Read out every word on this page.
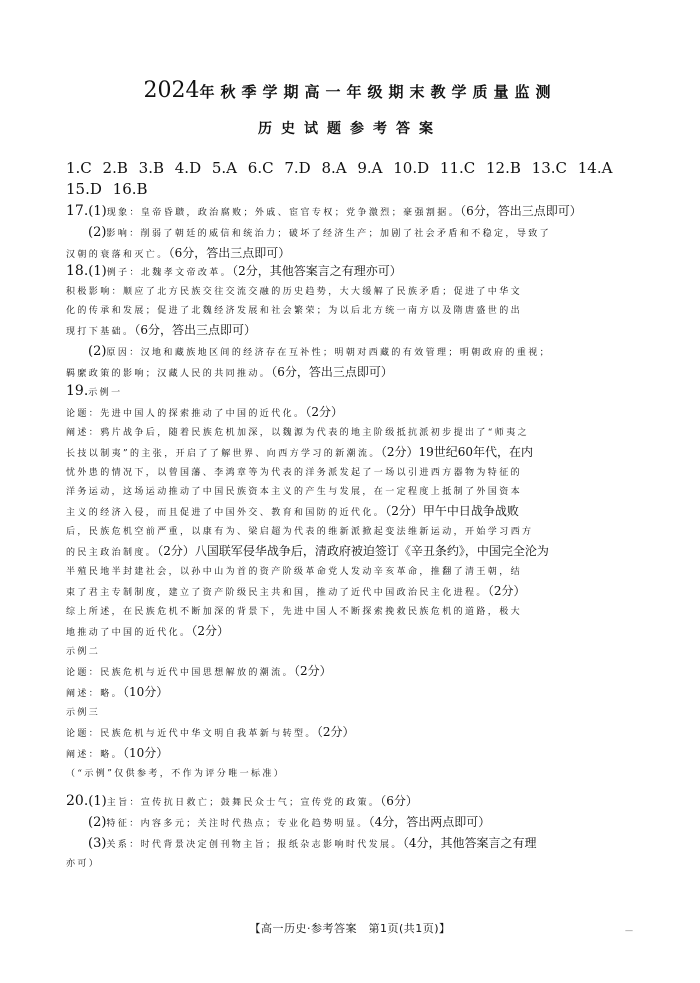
2024年秋季学期高一年级期末教学质量监测
历史试题参考答案
1.C 2.B 3.B 4.D 5.A 6.C 7.D 8.A 9.A 10.D 11.C 12.B 13.C 14.A
15.D 16.B
17.(1)现象：皇帝昏聩，政治腐败；外戚、宦官专权；党争激烈；豪强割据。（6分，答出三点即可）
(2)影响：削弱了朝廷的威信和统治力；破坏了经济生产；加剧了社会矛盾和不稳定，导致了
汉朝的衰落和灭亡。（6分，答出三点即可）
18.(1)例子：北魏孝文帝改革。（2分，其他答案言之有理亦可）
积极影响：顺应了北方民族交往交流交融的历史趋势，大大缓解了民族矛盾；促进了中华文
化的传承和发展；促进了北魏经济发展和社会繁荣；为以后北方统一南方以及隋唐盛世的出
现打下基础。（6分，答出三点即可）
(2)原因：汉地和藏族地区间的经济存在互补性；明朝对西藏的有效管理；明朝政府的重视；
羁縻政策的影响；汉藏人民的共同推动。（6分，答出三点即可）
19.示例一
论题：先进中国人的探索推动了中国的近代化。（2分）
阐述：鸦片战争后，随着民族危机加深，以魏源为代表的地主阶级抵抗派初步提出了“师夷之
长技以制夷”的主张，开启了了解世界、向西方学习的新潮流。（2分）19世纪60年代，在内
忧外患的情况下，以曾国藩、李鸿章等为代表的洋务派发起了一场以引进西方器物为特征的
洋务运动，这场运动推动了中国民族资本主义的产生与发展，在一定程度上抵制了外国资本
主义的经济入侵，而且促进了中国外交、教育和国防的近代化。（2分）甲午中日战争战败
后，民族危机空前严重，以康有为、梁启超为代表的维新派掀起变法维新运动，开始学习西方
的民主政治制度。（2分）八国联军侵华战争后，清政府被迫签订《辛丑条约》，中国完全沦为
半殖民地半封建社会，以孙中山为首的资产阶级革命党人发动辛亥革命，推翻了清王朝，结
束了君主专制制度，建立了资产阶级民主共和国，推动了近代中国政治民主化进程。（2分）
综上所述，在民族危机不断加深的背景下，先进中国人不断探索挽救民族危机的道路，极大
地推动了中国的近代化。（2分）
示例二
论题：民族危机与近代中国思想解放的潮流。（2分）
阐述：略。（10分）
示例三
论题：民族危机与近代中华文明自我革新与转型。（2分）
阐述：略。（10分）
（“示例”仅供参考，不作为评分唯一标准）
20.(1)主旨：宣传抗日救亡；鼓舞民众士气；宣传党的政策。（6分）
(2)特征：内容多元；关注时代热点；专业化趋势明显。（4分，答出两点即可）
(3)关系：时代背景决定创刊物主旨；报纸杂志影响时代发展。（4分，其他答案言之有理
亦可）
【高一历史·参考答案　第1页(共1页)】	—
